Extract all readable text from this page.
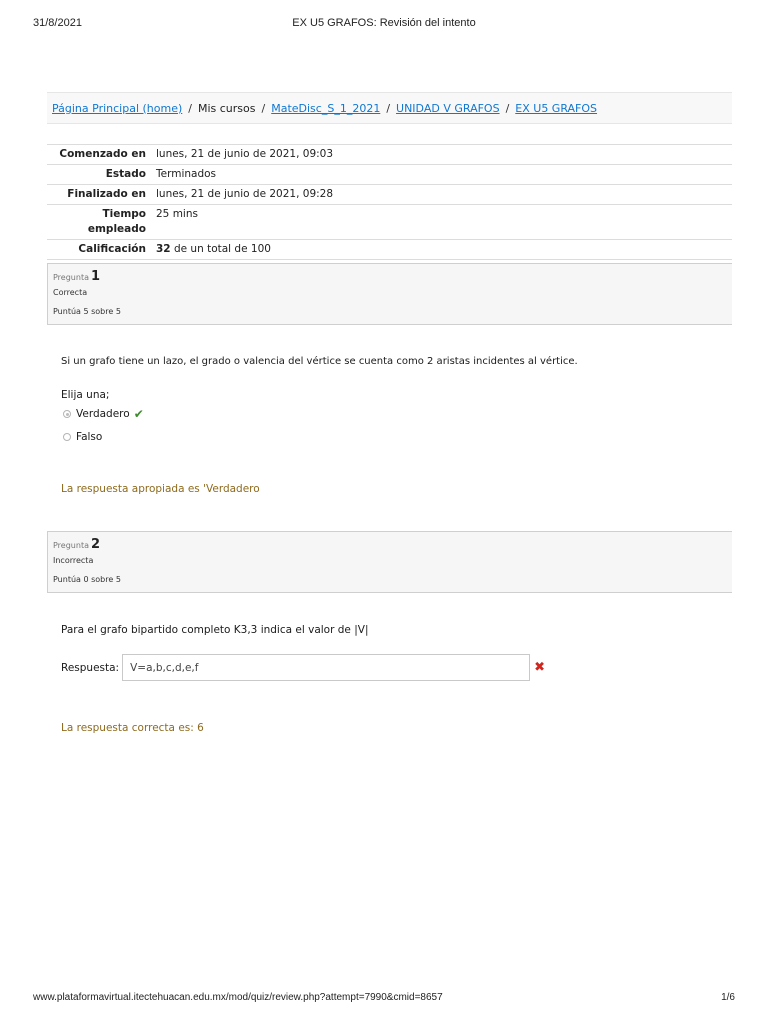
31/8/2021	EX U5 GRAFOS: Revisión del intento
Página Principal (home) / Mis cursos / MateDisc_S_1_2021 / UNIDAD V GRAFOS / EX U5 GRAFOS
Comenzado en	lunes, 21 de junio de 2021, 09:03
Estado	Terminados
Finalizado en	lunes, 21 de junio de 2021, 09:28
Tiempo
empleado	25 mins
Calificación	32 de un total de 100
Pregunta 1
Correcta
Puntúa 5 sobre 5
Si un grafo tiene un lazo, el grado o valencia del vértice se cuenta como 2 aristas incidentes al vértice.
Elija una;
Verdadero ✔
Falso
La respuesta apropiada es 'Verdadero
Pregunta 2
Incorrecta
Puntúa 0 sobre 5
Para el grafo bipartido completo K3,3 indica el valor de |V|
Respuesta:
V=a,b,c,d,e,f	✖
La respuesta correcta es: 6
www.plataformavirtual.itectehuacan.edu.mx/mod/quiz/review.php?attempt=7990&cmid=8657	1/6
